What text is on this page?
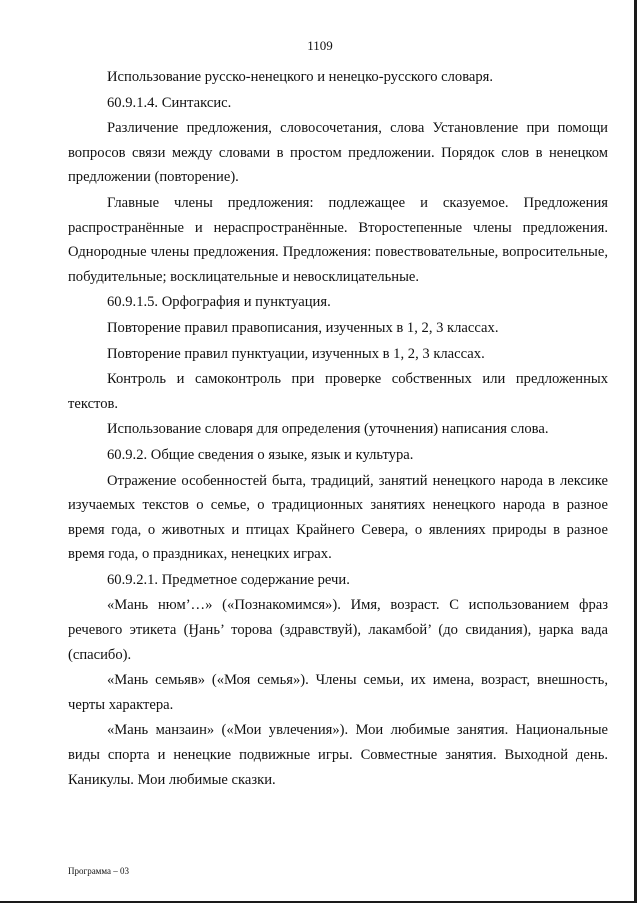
1109

Использование русско-ненецкого и ненецко-русского словаря.

60.9.1.4. Синтаксис.

Различение предложения, словосочетания, слова Установление при помощи вопросов связи между словами в простом предложении. Порядок слов в ненецком предложении (повторение).

Главные члены предложения: подлежащее и сказуемое. Предложения распространённые и нераспространённые. Второстепенные члены предложения. Однородные члены предложения. Предложения: повествовательные, вопросительные, побудительные; восклицательные и невосклицательные.

60.9.1.5. Орфография и пунктуация.

Повторение правил правописания, изученных в 1, 2, 3 классах.

Повторение правил пунктуации, изученных в 1, 2, 3 классах.

Контроль и самоконтроль при проверке собственных или предложенных текстов.

Использование словаря для определения (уточнения) написания слова.

60.9.2. Общие сведения о языке, язык и культура.

Отражение особенностей быта, традиций, занятий ненецкого народа в лексике изучаемых текстов о семье, о традиционных занятиях ненецкого народа в разное время года, о животных и птицах Крайнего Севера, о явлениях природы в разное время года, о праздниках, ненецких играх.

60.9.2.1. Предметное содержание речи.

«Мань нюм’…» («Познакомимся»). Имя, возраст. С использованием фраз речевого этикета (Ӈань’ торова (здравствуй), лакамбой’ (до свидания), ӈарка вада (спасибо).

«Мань семьяв» («Моя семья»). Члены семьи, их имена, возраст, внешность, черты характера.

«Мань манзаин» («Мои увлечения»). Мои любимые занятия. Национальные виды спорта и ненецкие подвижные игры. Совместные занятия. Выходной день. Каникулы. Мои любимые сказки.

Программа – 03
